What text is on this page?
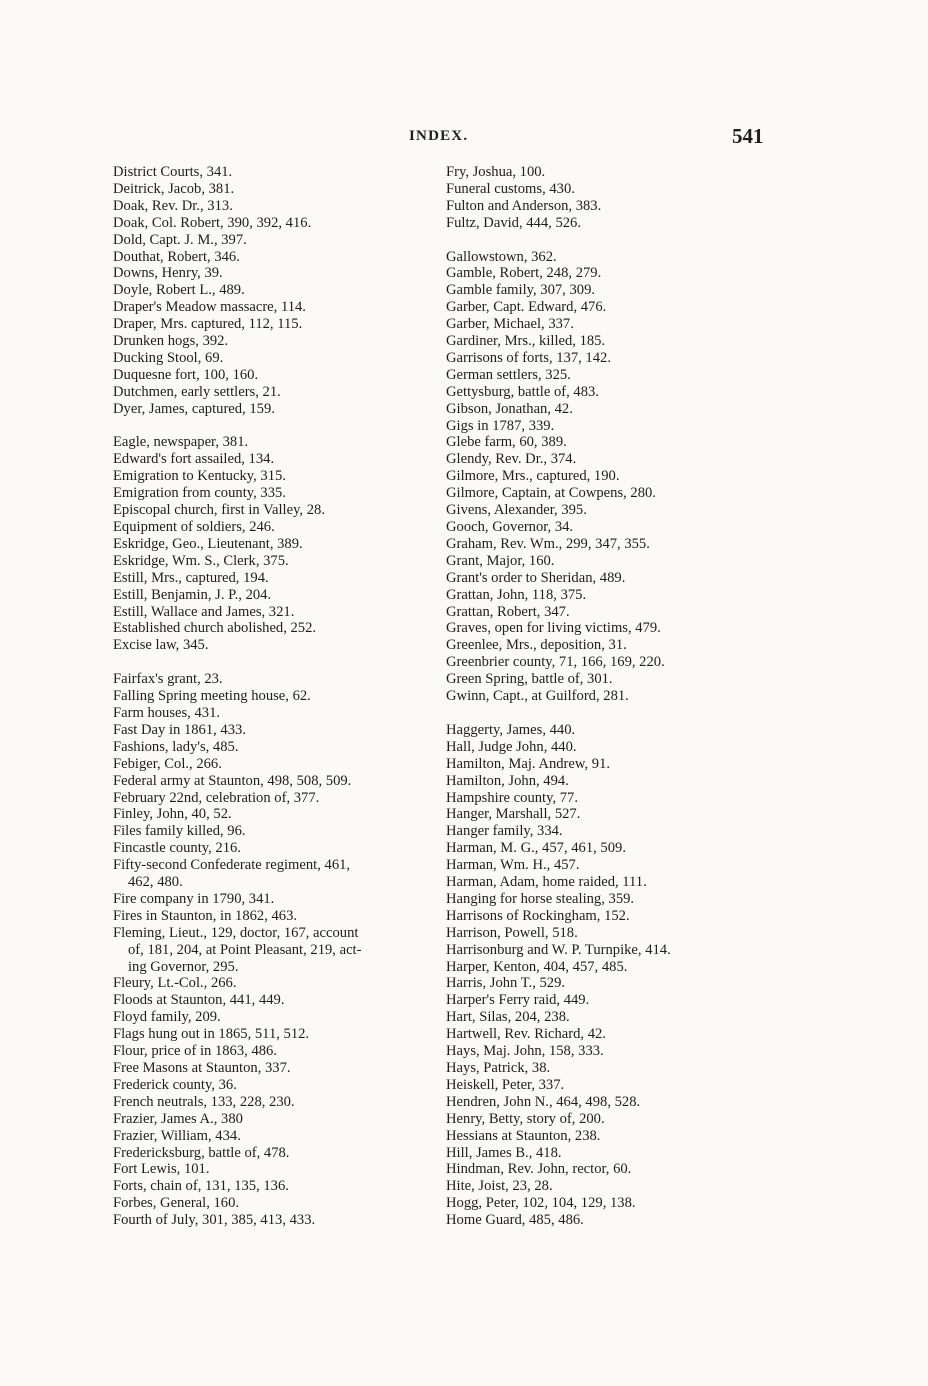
INDEX.	541
District Courts, 341.
Deitrick, Jacob, 381.
Doak, Rev. Dr., 313.
Doak, Col. Robert, 390, 392, 416.
Dold, Capt. J. M., 397.
Douthat, Robert, 346.
Downs, Henry, 39.
Doyle, Robert L., 489.
Draper's Meadow massacre, 114.
Draper, Mrs. captured, 112, 115.
Drunken hogs, 392.
Ducking Stool, 69.
Duquesne fort, 100, 160.
Dutchmen, early settlers, 21.
Dyer, James, captured, 159.
Eagle, newspaper, 381.
Edward's fort assailed, 134.
Emigration to Kentucky, 315.
Emigration from county, 335.
Episcopal church, first in Valley, 28.
Equipment of soldiers, 246.
Eskridge, Geo., Lieutenant, 389.
Eskridge, Wm. S., Clerk, 375.
Estill, Mrs., captured, 194.
Estill, Benjamin, J. P., 204.
Estill, Wallace and James, 321.
Established church abolished, 252.
Excise law, 345.
Fairfax's grant, 23.
Falling Spring meeting house, 62.
Farm houses, 431.
Fast Day in 1861, 433.
Fashions, lady's, 485.
Febiger, Col., 266.
Federal army at Staunton, 498, 508, 509.
February 22nd, celebration of, 377.
Finley, John, 40, 52.
Files family killed, 96.
Fincastle county, 216.
Fifty-second Confederate regiment, 461,
462, 480.
Fire company in 1790, 341.
Fires in Staunton, in 1862, 463.
Fleming, Lieut., 129, doctor, 167, account
of, 181, 204, at Point Pleasant, 219, act-
ing Governor, 295.
Fleury, Lt.-Col., 266.
Floods at Staunton, 441, 449.
Floyd family, 209.
Flags hung out in 1865, 511, 512.
Flour, price of in 1863, 486.
Free Masons at Staunton, 337.
Frederick county, 36.
French neutrals, 133, 228, 230.
Frazier, James A., 380
Frazier, William, 434.
Fredericksburg, battle of, 478.
Fort Lewis, 101.
Forts, chain of, 131, 135, 136.
Forbes, General, 160.
Fourth of July, 301, 385, 413, 433.
Fry, Joshua, 100.
Funeral customs, 430.
Fulton and Anderson, 383.
Fultz, David, 444, 526.
Gallowstown, 362.
Gamble, Robert, 248, 279.
Gamble family, 307, 309.
Garber, Capt. Edward, 476.
Garber, Michael, 337.
Gardiner, Mrs., killed, 185.
Garrisons of forts, 137, 142.
German settlers, 325.
Gettysburg, battle of, 483.
Gibson, Jonathan, 42.
Gigs in 1787, 339.
Glebe farm, 60, 389.
Glendy, Rev. Dr., 374.
Gilmore, Mrs., captured, 190.
Gilmore, Captain, at Cowpens, 280.
Givens, Alexander, 395.
Gooch, Governor, 34.
Graham, Rev. Wm., 299, 347, 355.
Grant, Major, 160.
Grant's order to Sheridan, 489.
Grattan, John, 118, 375.
Grattan, Robert, 347.
Graves, open for living victims, 479.
Greenlee, Mrs., deposition, 31.
Greenbrier county, 71, 166, 169, 220.
Green Spring, battle of, 301.
Gwinn, Capt., at Guilford, 281.
Haggerty, James, 440.
Hall, Judge John, 440.
Hamilton, Maj. Andrew, 91.
Hamilton, John, 494.
Hampshire county, 77.
Hanger, Marshall, 527.
Hanger family, 334.
Harman, M. G., 457, 461, 509.
Harman, Wm. H., 457.
Harman, Adam, home raided, 111.
Hanging for horse stealing, 359.
Harrisons of Rockingham, 152.
Harrison, Powell, 518.
Harrisonburg and W. P. Turnpike, 414.
Harper, Kenton, 404, 457, 485.
Harris, John T., 529.
Harper's Ferry raid, 449.
Hart, Silas, 204, 238.
Hartwell, Rev. Richard, 42.
Hays, Maj. John, 158, 333.
Hays, Patrick, 38.
Heiskell, Peter, 337.
Hendren, John N., 464, 498, 528.
Henry, Betty, story of, 200.
Hessians at Staunton, 238.
Hill, James B., 418.
Hindman, Rev. John, rector, 60.
Hite, Joist, 23, 28.
Hogg, Peter, 102, 104, 129, 138.
Home Guard, 485, 486.
